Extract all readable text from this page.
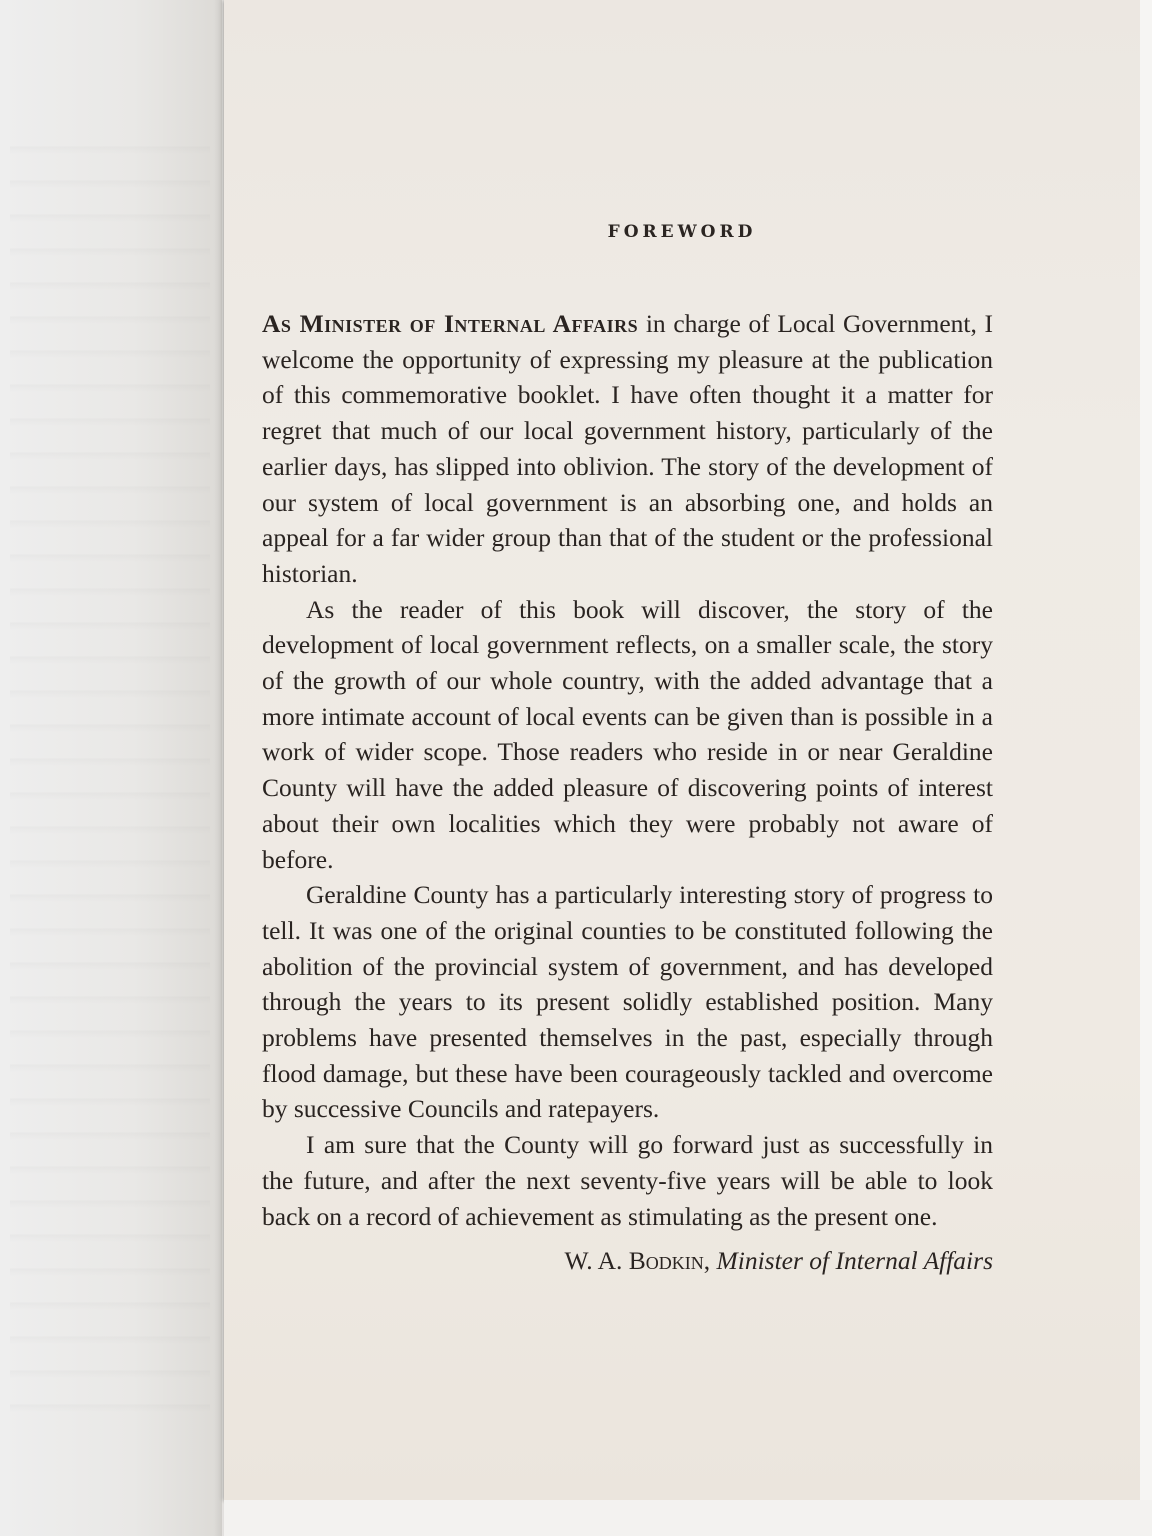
FOREWORD

As Minister of Internal Affairs in charge of Local Government, I welcome the opportunity of expressing my pleasure at the publication of this commemorative booklet. I have often thought it a matter for regret that much of our local government history, particularly of the earlier days, has slipped into oblivion. The story of the development of our system of local government is an absorbing one, and holds an appeal for a far wider group than that of the student or the professional historian.

As the reader of this book will discover, the story of the development of local government reflects, on a smaller scale, the story of the growth of our whole country, with the added advantage that a more intimate account of local events can be given than is possible in a work of wider scope. Those readers who reside in or near Geraldine County will have the added pleasure of discovering points of interest about their own localities which they were probably not aware of before.

Geraldine County has a particularly interesting story of progress to tell. It was one of the original counties to be constituted following the abolition of the provincial system of government, and has developed through the years to its present solidly established position. Many problems have presented themselves in the past, especially through flood damage, but these have been courageously tackled and overcome by successive Councils and ratepayers.

I am sure that the County will go forward just as successfully in the future, and after the next seventy-five years will be able to look back on a record of achievement as stimulating as the present one.

W. A. Bodkin, Minister of Internal Affairs
